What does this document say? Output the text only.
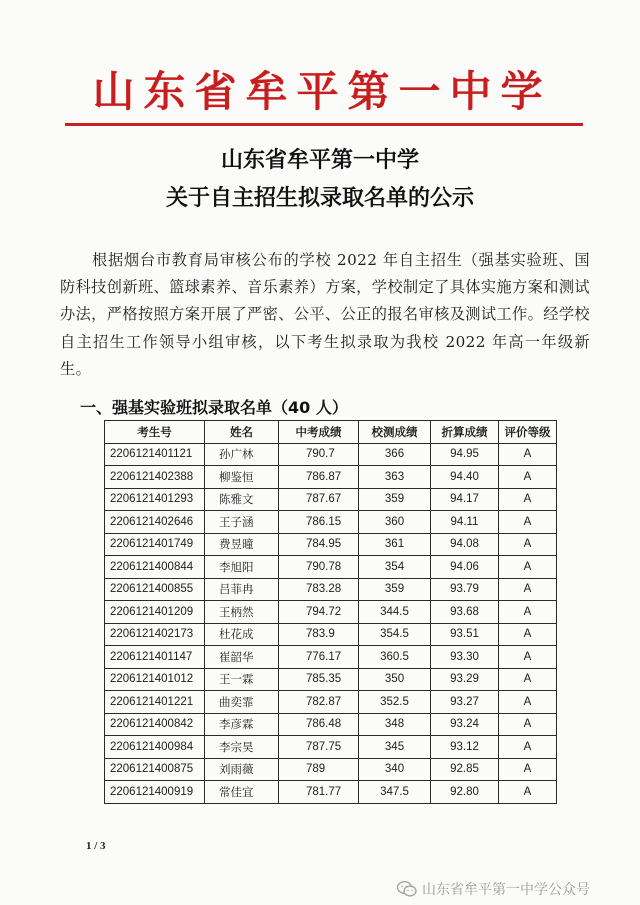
山东省牟平第一中学
山东省牟平第一中学
关于自主招生拟录取名单的公示

根据烟台市教育局审核公布的学校 2022 年自主招生（强基实验班、国防科技创新班、篮球素养、音乐素养）方案，学校制定了具体实施方案和测试办法，严格按照方案开展了严密、公平、公正的报名审核及测试工作。经学校自主招生工作领导小组审核，以下考生拟录取为我校 2022 年高一年级新生。

一、强基实验班拟录取名单（40 人）
考生号	姓名	中考成绩	校测成绩	折算成绩	评价等级
2206121401121	孙广林	790.7	366	94.95	A
2206121402388	柳鉴恒	786.87	363	94.40	A
2206121401293	陈雅文	787.67	359	94.17	A
2206121402646	王子涵	786.15	360	94.11	A
2206121401749	费昱曈	784.95	361	94.08	A
2206121400844	李旭阳	790.78	354	94.06	A
2206121400855	吕菲冉	783.28	359	93.79	A
2206121401209	王柄然	794.72	344.5	93.68	A
2206121402173	杜花成	783.9	354.5	93.51	A
2206121401147	崔韶华	776.17	360.5	93.30	A
2206121401012	王一霖	785.35	350	93.29	A
2206121401221	曲奕霏	782.87	352.5	93.27	A
2206121400842	李彦霖	786.48	348	93.24	A
2206121400984	李宗昊	787.75	345	93.12	A
2206121400875	刘雨薇	789	340	92.85	A
2206121400919	常佳宜	781.77	347.5	92.80	A
1 / 3
山东省牟平第一中学公众号
